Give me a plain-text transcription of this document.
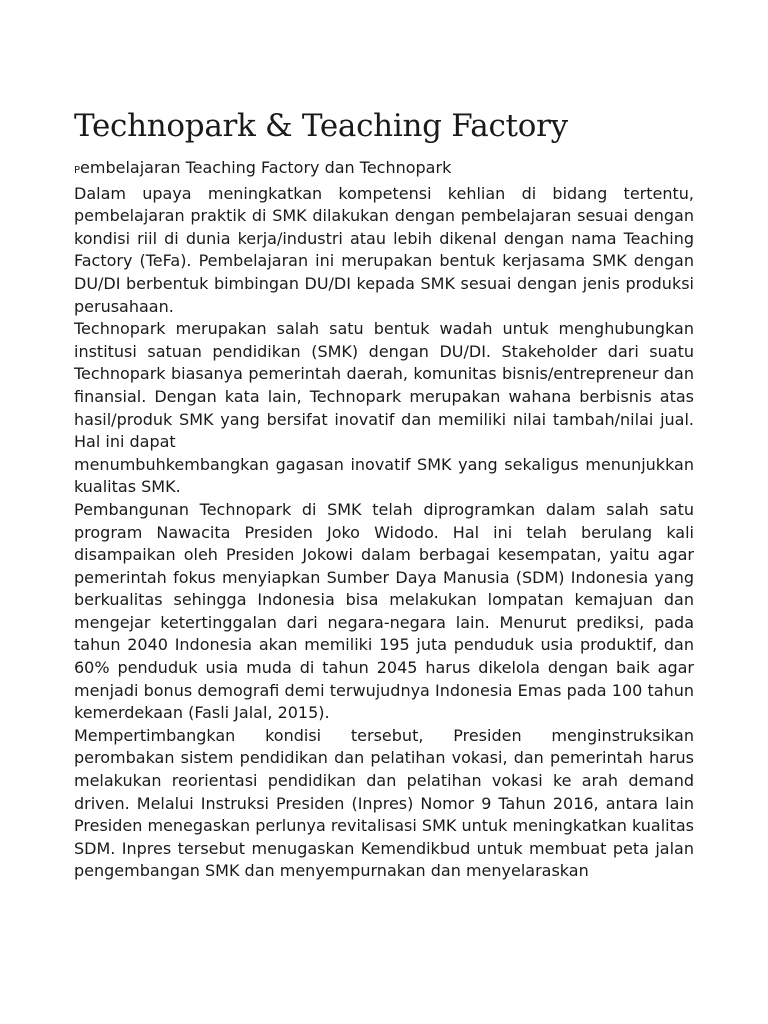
Technopark & Teaching Factory

Pembelajaran Teaching Factory dan Technopark

Dalam upaya meningkatkan kompetensi kehlian di bidang tertentu, pembelajaran praktik di SMK dilakukan dengan pembelajaran sesuai dengan kondisi riil di dunia kerja/industri atau lebih dikenal dengan nama Teaching Factory (TeFa). Pembelajaran ini merupakan bentuk kerjasama SMK dengan DU/DI berbentuk bimbingan DU/DI kepada SMK sesuai dengan jenis produksi perusahaan.

Technopark merupakan salah satu bentuk wadah untuk menghubungkan institusi satuan pendidikan (SMK) dengan DU/DI. Stakeholder dari suatu Technopark biasanya pemerintah daerah, komunitas bisnis/entrepreneur dan finansial. Dengan kata lain, Technopark merupakan wahana berbisnis atas hasil/produk SMK yang bersifat inovatif dan memiliki nilai tambah/nilai jual. Hal ini dapat

menumbuhkembangkan gagasan inovatif SMK yang sekaligus menunjukkan kualitas SMK.

Pembangunan Technopark di SMK telah diprogramkan dalam salah satu program Nawacita Presiden Joko Widodo. Hal ini telah berulang kali disampaikan oleh Presiden Jokowi dalam berbagai kesempatan, yaitu agar pemerintah fokus menyiapkan Sumber Daya Manusia (SDM) Indonesia yang berkualitas sehingga Indonesia bisa melakukan lompatan kemajuan dan mengejar ketertinggalan dari negara-negara lain. Menurut prediksi, pada tahun 2040 Indonesia akan memiliki 195 juta penduduk usia produktif, dan 60% penduduk usia muda di tahun 2045 harus dikelola dengan baik agar menjadi bonus demografi demi terwujudnya Indonesia Emas pada 100 tahun kemerdekaan (Fasli Jalal, 2015).

Mempertimbangkan kondisi tersebut, Presiden menginstruksikan perombakan sistem pendidikan dan pelatihan vokasi, dan pemerintah harus melakukan reorientasi pendidikan dan pelatihan vokasi ke arah demand driven. Melalui Instruksi Presiden (Inpres) Nomor 9 Tahun 2016, antara lain Presiden menegaskan perlunya revitalisasi SMK untuk meningkatkan kualitas SDM. Inpres tersebut menugaskan Kemendikbud untuk membuat peta jalan pengembangan SMK dan menyempurnakan dan menyelaraskan
